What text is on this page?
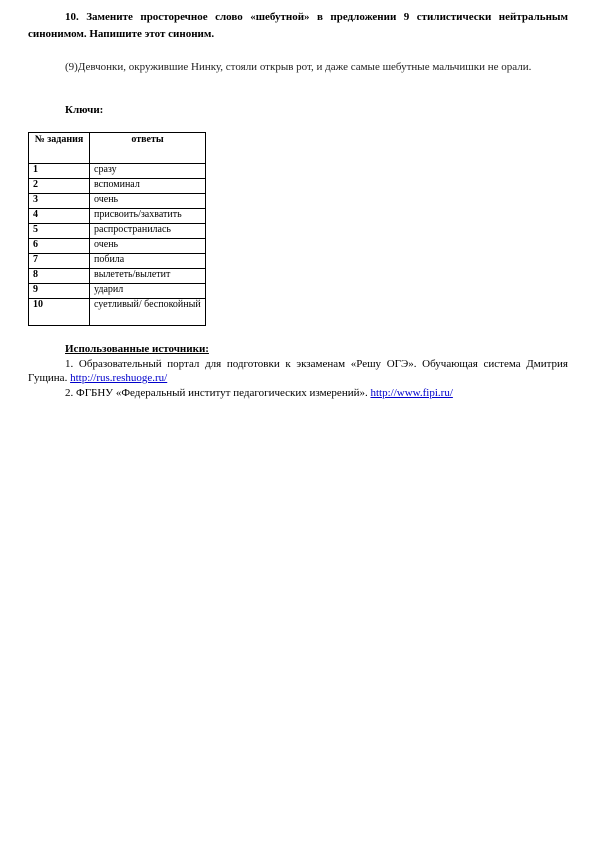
10. Замените просторечное слово «шебутной» в предложении 9 стилистически нейтральным синонимом. Напишите этот синоним.

(9)Девчонки, окружившие Нинку, стояли открыв рот, и даже самые шебутные мальчишки не орали.

Ключи:

№ задания	ответы
1	сразу
2	вспоминал
3	очень
4	присвоить/захватить
5	распространилась
6	очень
7	побила
8	вылететь/вылетит
9	ударил
10	суетливый/ беспокойный

Использованные источники:

1. Образовательный портал для подготовки к экзаменам «Решу ОГЭ». Обучающая система Дмитрия Гущина. http://rus.reshuoge.ru/

2. ФГБНУ «Федеральный институт педагогических измерений». http://www.fipi.ru/
